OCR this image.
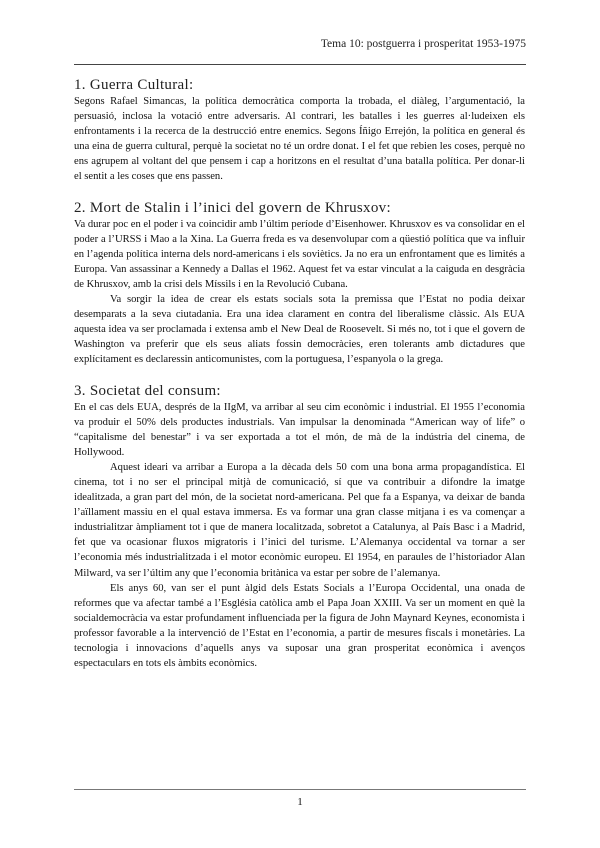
Tema 10: postguerra i prosperitat 1953-1975
1. Guerra Cultural:

Segons Rafael Simancas, la política democràtica comporta la trobada, el diàleg, l’argumentació, la persuasió, inclosa la votació entre adversaris. Al contrari, les batalles i les guerres al·ludeixen els enfrontaments i la recerca de la destrucció entre enemics. Segons Íñigo Errejón, la política en general és una eina de guerra cultural, perquè la societat no té un ordre donat. I el fet que rebien les coses, perquè no ens agrupem al voltant del que pensem i cap a horitzons en el resultat d’una batalla política. Per donar-li el sentit a les coses que ens passen.

2. Mort de Stalin i l’inici del govern de Khrusxov:

Va durar poc en el poder i va coincidir amb l’últim període d’Eisenhower. Khrusxov es va consolidar en el poder a l’URSS i Mao a la Xina. La Guerra freda es va desenvolupar com a qüestió política que va influir en l’agenda política interna dels nord-americans i els soviètics. Ja no era un enfrontament que es limités a Europa. Van assassinar a Kennedy a Dallas el 1962. Aquest fet va estar vinculat a la caiguda en desgràcia de Khrusxov, amb la crisi dels Míssils i en la Revolució Cubana.

Va sorgir la idea de crear els estats socials sota la premissa que l’Estat no podia deixar desemparats a la seva ciutadania. Era una idea clarament en contra del liberalisme clàssic. Als EUA aquesta idea va ser proclamada i extensa amb el New Deal de Roosevelt. Si més no, tot i que el govern de Washington va preferir que els seus aliats fossin democràcies, eren tolerants amb dictadures que explícitament es declaressin anticomunistes, com la portuguesa, l’espanyola o la grega.

3. Societat del consum:

En el cas dels EUA, després de la IIgM, va arribar al seu cim econòmic i industrial. El 1955 l’economia va produir el 50% dels productes industrials. Van impulsar la denominada “American way of life” o “capitalisme del benestar” i va ser exportada a tot el món, de mà de la indústria del cinema, de Hollywood.

Aquest ideari va arribar a Europa a la dècada dels 50 com una bona arma propagandística. El cinema, tot i no ser el principal mitjà de comunicació, sí que va contribuir a difondre la imatge idealitzada, a gran part del món, de la societat nord-americana. Pel que fa a Espanya, va deixar de banda l’aïllament massiu en el qual estava immersa. Es va formar una gran classe mitjana i es va començar a industrialitzar àmpliament tot i que de manera localitzada, sobretot a Catalunya, al País Basc i a Madrid, fet que va ocasionar fluxos migratoris i l’inici del turisme. L’Alemanya occidental va tornar a ser l’economia més industrialitzada i el motor econòmic europeu. El 1954, en paraules de l’historiador Alan Milward, va ser l’últim any que l’economia britànica va estar per sobre de l’alemanya.

Els anys 60, van ser el punt àlgid dels Estats Socials a l’Europa Occidental, una onada de reformes que va afectar també a l’Església catòlica amb el Papa Joan XXIII. Va ser un moment en què la socialdemocràcia va estar profundament influenciada per la figura de John Maynard Keynes, economista i professor favorable a la intervenció de l’Estat en l’economia, a partir de mesures fiscals i monetàries. La tecnologia i innovacions d’aquells anys va suposar una gran prosperitat econòmica i avenços espectaculars en tots els àmbits econòmics.

1
